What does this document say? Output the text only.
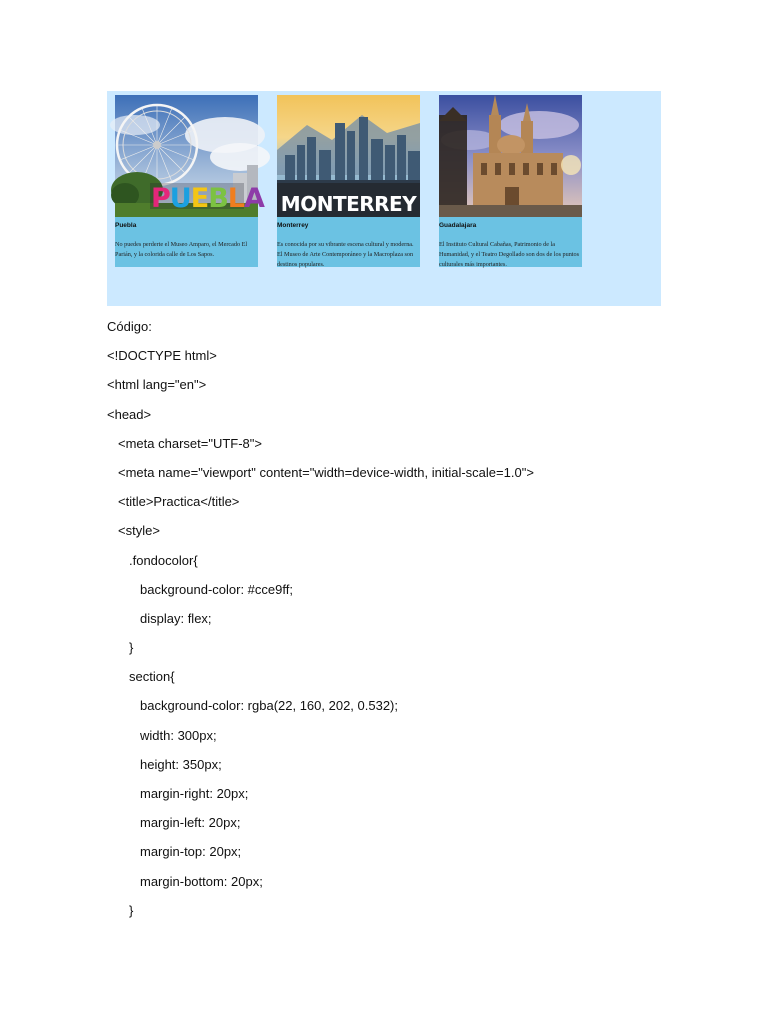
PUEBLA
Puebla
No puedes perderte el Museo Amparo, el Mercado El Parián, y la colorida calle de Los Sapos.
MONTERREY
Monterrey
Es conocida por su vibrante escena cultural y moderna. El Museo de Arte Contemporáneo y la Macroplaza son destinos populares.
Guadalajara
El Instituto Cultural Cabañas, Patrimonio de la Humanidad, y el Teatro Degollado son dos de los puntos culturales más importantes.
Código:
<!DOCTYPE html>
<html lang="en">
<head>
<meta charset="UTF-8">
<meta name="viewport" content="width=device-width, initial-scale=1.0">
<title>Practica</title>
<style>
.fondocolor{
background-color: #cce9ff;
display: flex;
}
section{
background-color: rgba(22, 160, 202, 0.532);
width: 300px;
height: 350px;
margin-right: 20px;
margin-left: 20px;
margin-top: 20px;
margin-bottom: 20px;
}
